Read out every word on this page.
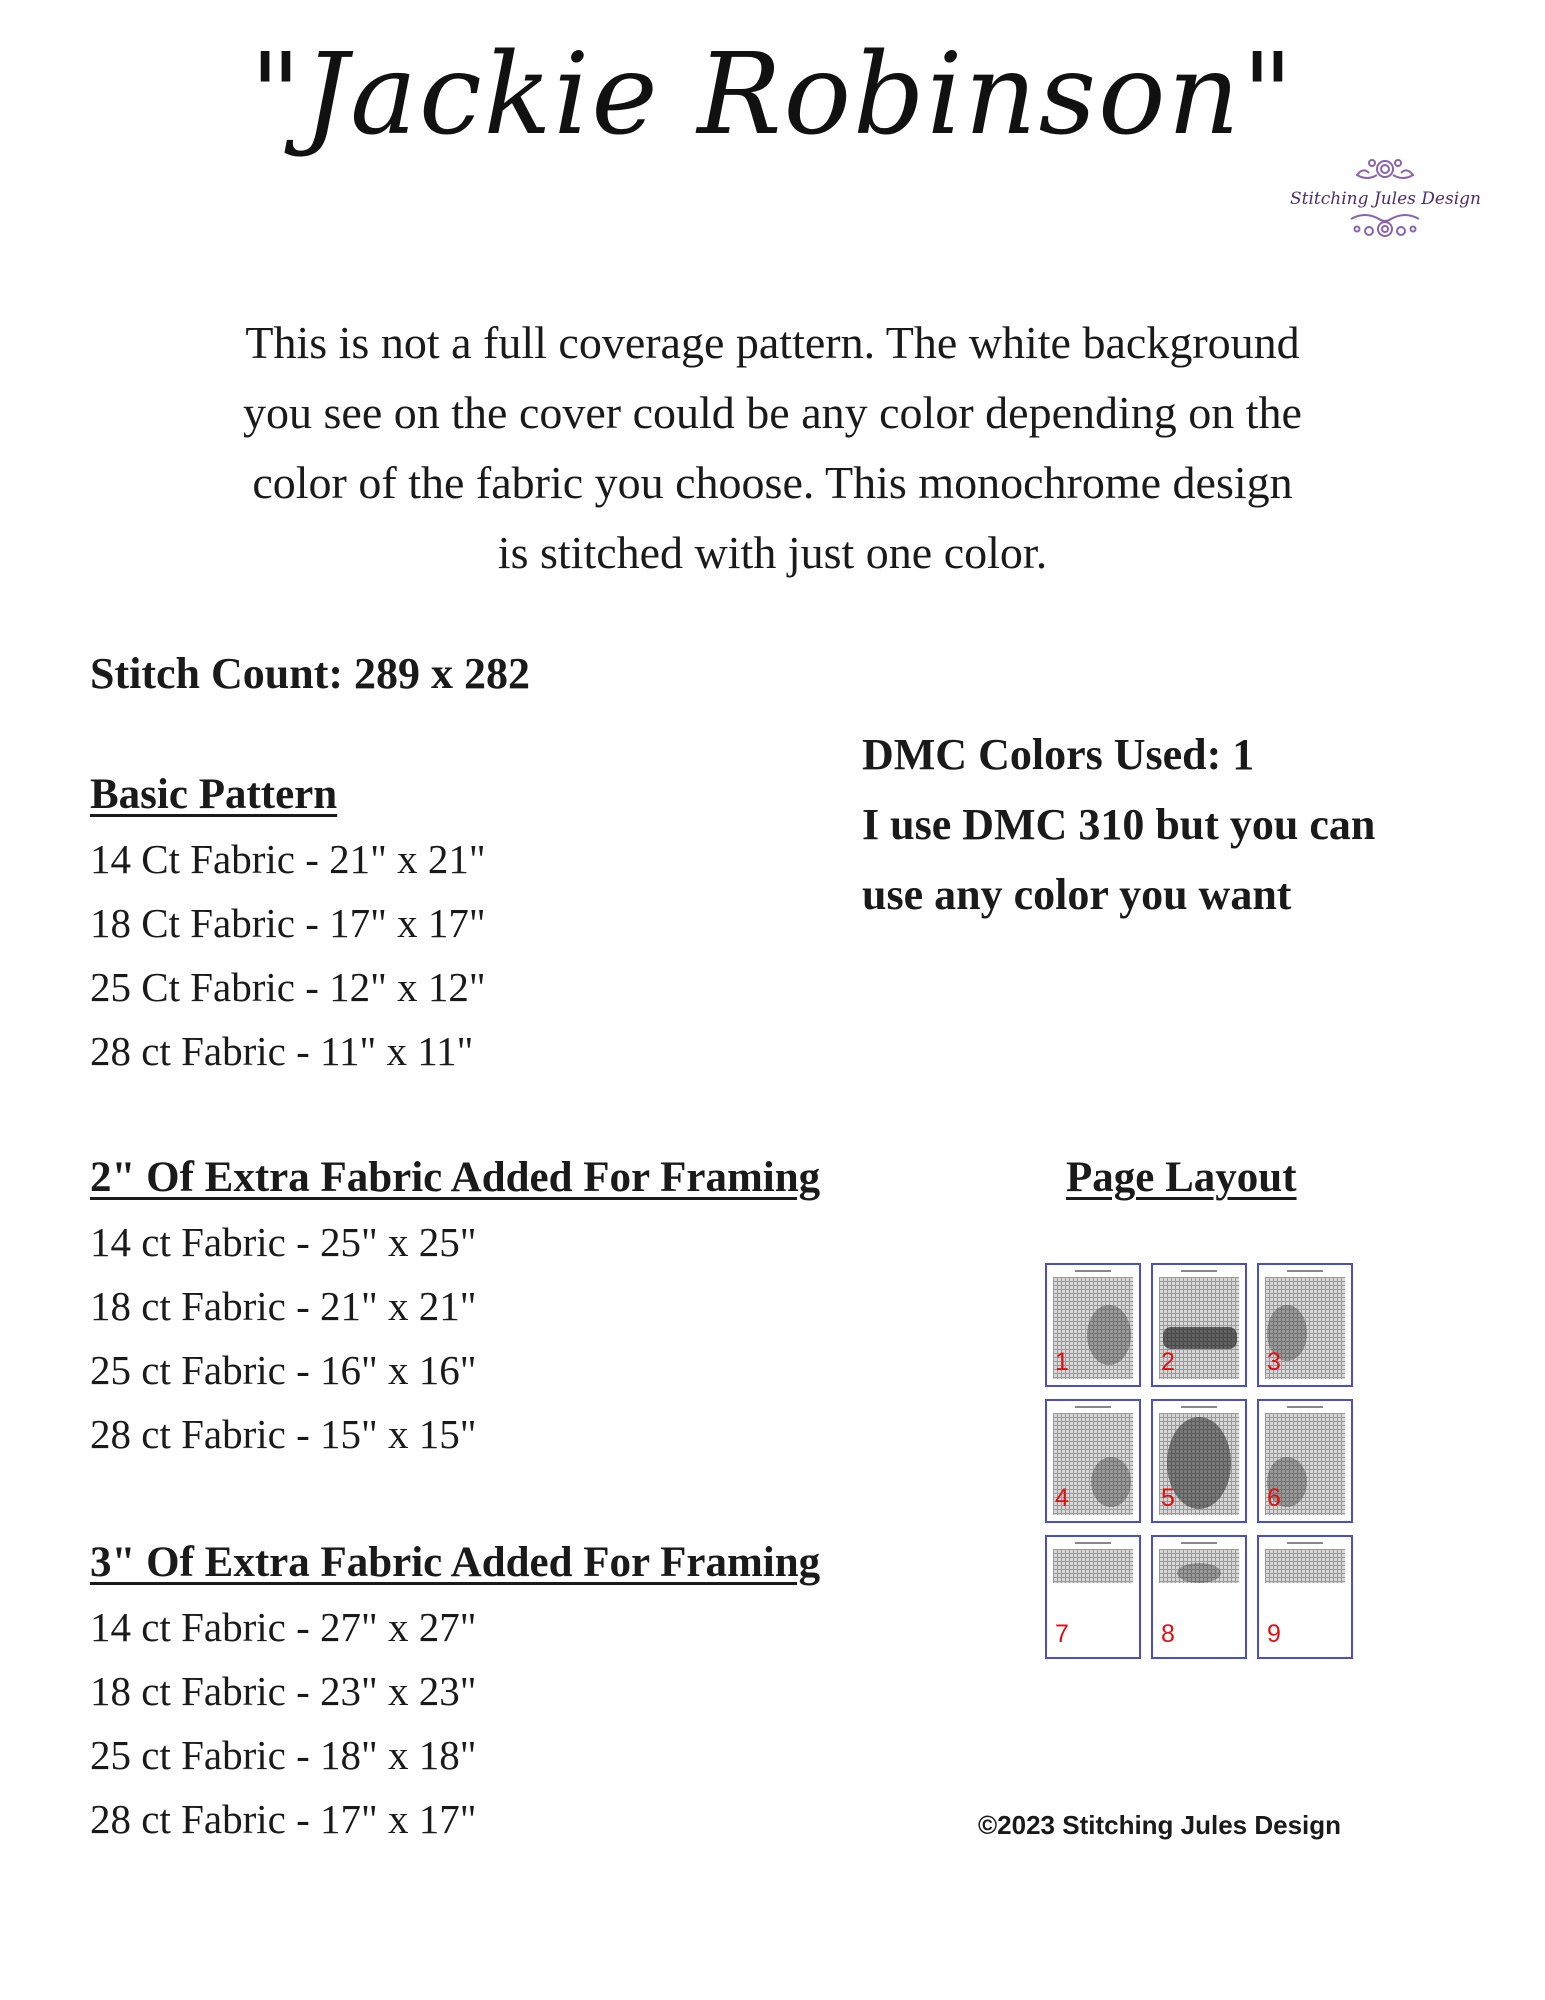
"Jackie Robinson"
Stitching Jules Design
This is not a full coverage pattern. The white background
you see on the cover could be any color depending on the
color of the fabric you choose. This monochrome design
is stitched with just one color.
Stitch Count: 289 x 282
DMC Colors Used: 1
I use DMC 310 but you can
use any color you want
Basic Pattern
14 Ct Fabric - 21" x 21"
18 Ct Fabric - 17" x 17"
25 Ct Fabric - 12" x 12"
28 ct Fabric - 11" x 11"
2" Of Extra Fabric Added For Framing
14 ct Fabric - 25" x 25"
18 ct Fabric - 21" x 21"
25 ct Fabric - 16" x 16"
28 ct Fabric - 15" x 15"
3" Of Extra Fabric Added For Framing
14 ct Fabric - 27" x 27"
18 ct Fabric - 23" x 23"
25 ct Fabric - 18" x 18"
28 ct Fabric - 17" x 17"
Page Layout
1	2	3
4	5	6
7	8	9
©2023 Stitching Jules Design
